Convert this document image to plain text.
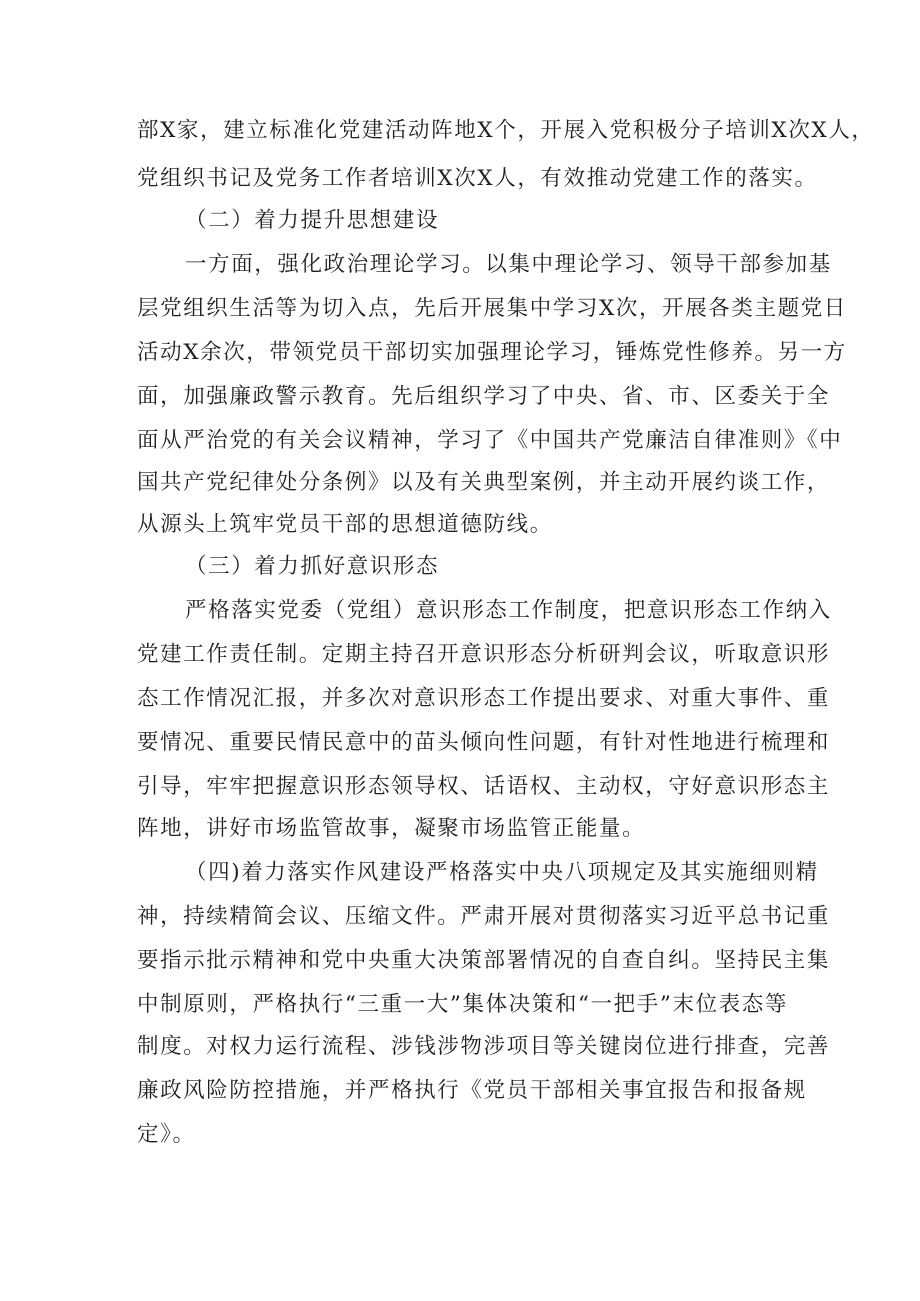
部X家，建立标准化党建活动阵地X个，开展入党积极分子培训X次X人，

党组织书记及党务工作者培训X次X人，有效推动党建工作的落实。

（二）着力提升思想建设

一方面，强化政治理论学习。以集中理论学习、领导干部参加基

层党组织生活等为切入点，先后开展集中学习X次，开展各类主题党日

活动X余次，带领党员干部切实加强理论学习，锤炼党性修养。另一方

面，加强廉政警示教育。先后组织学习了中央、省、市、区委关于全

面从严治党的有关会议精神，学习了《中国共产党廉洁自律准则》《中

国共产党纪律处分条例》以及有关典型案例，并主动开展约谈工作，

从源头上筑牢党员干部的思想道德防线。

（三）着力抓好意识形态

严格落实党委（党组）意识形态工作制度，把意识形态工作纳入

党建工作责任制。定期主持召开意识形态分析研判会议，听取意识形

态工作情况汇报，并多次对意识形态工作提出要求、对重大事件、重

要情况、重要民情民意中的苗头倾向性问题，有针对性地进行梳理和

引导，牢牢把握意识形态领导权、话语权、主动权，守好意识形态主

阵地，讲好市场监管故事，凝聚市场监管正能量。

（四)着力落实作风建设严格落实中央八项规定及其实施细则精

神，持续精简会议、压缩文件。严肃开展对贯彻落实习近平总书记重

要指示批示精神和党中央重大决策部署情况的自查自纠。坚持民主集

中制原则，严格执行“三重一大”集体决策和“一把手”末位表态等

制度。对权力运行流程、涉钱涉物涉项目等关键岗位进行排查，完善

廉政风险防控措施，并严格执行《党员干部相关事宜报告和报备规

定》。
